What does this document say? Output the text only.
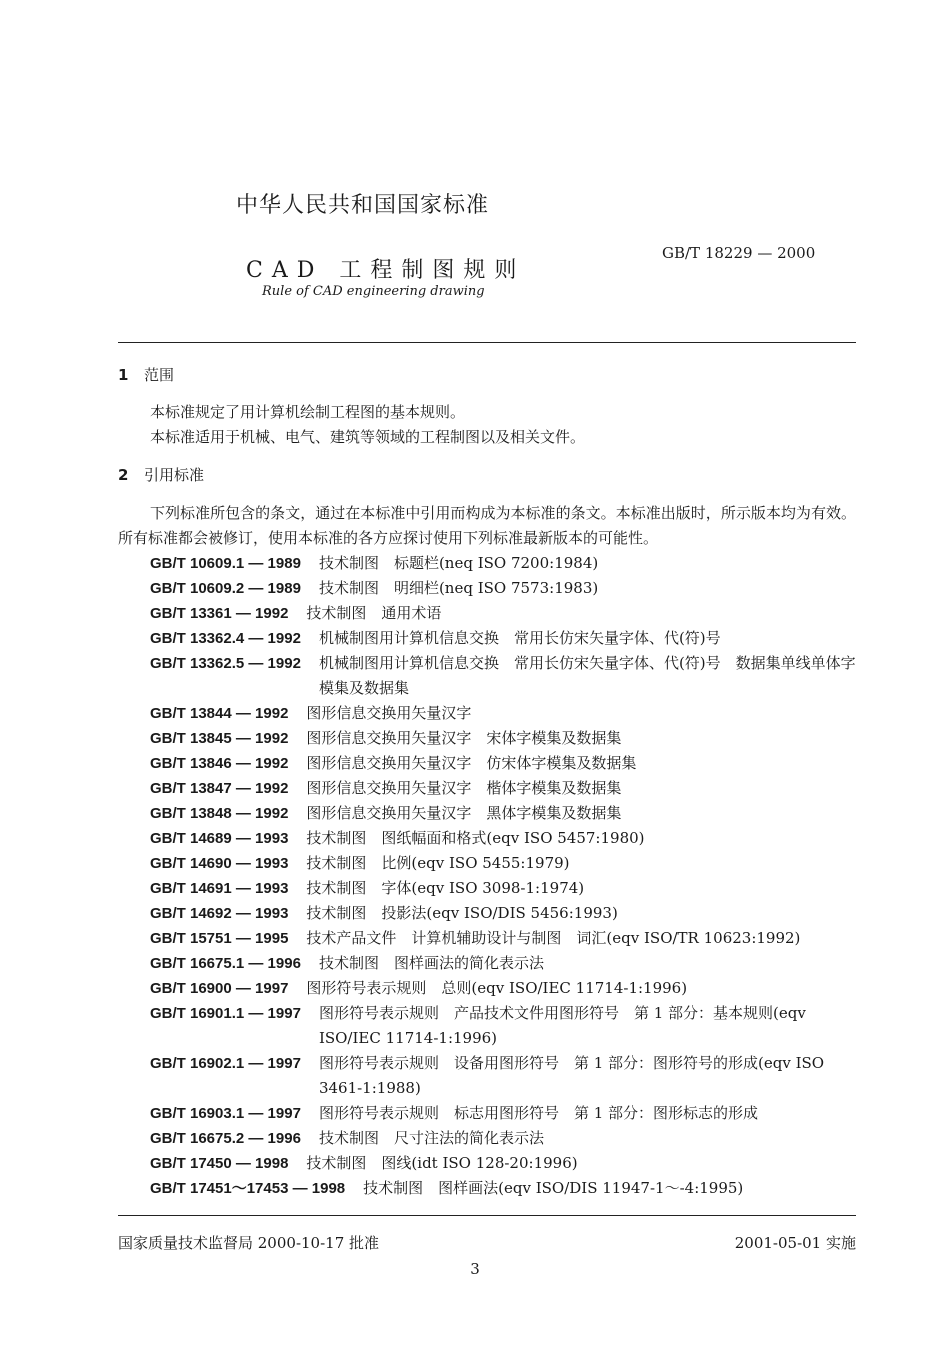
中华人民共和国国家标准
CAD 工程制图规则
Rule of CAD engineering drawing
GB/T 18229 — 2000
1 范围
本标准规定了用计算机绘制工程图的基本规则。
本标准适用于机械、电气、建筑等领域的工程制图以及相关文件。
2 引用标准
下列标准所包含的条文，通过在本标准中引用而构成为本标准的条文。本标准出版时，所示版本均为有效。所有标准都会被修订，使用本标准的各方应探讨使用下列标准最新版本的可能性。
GB/T 10609.1 — 1989	技术制图　标题栏(neq ISO 7200:1984)
GB/T 10609.2 — 1989	技术制图　明细栏(neq ISO 7573:1983)
GB/T 13361 — 1992	技术制图　通用术语
GB/T 13362.4 — 1992	机械制图用计算机信息交换　常用长仿宋矢量字体、代(符)号
GB/T 13362.5 — 1992	机械制图用计算机信息交换　常用长仿宋矢量字体、代(符)号　数据集单线单体字模集及数据集
GB/T 13844 — 1992	图形信息交换用矢量汉字
GB/T 13845 — 1992	图形信息交换用矢量汉字　宋体字模集及数据集
GB/T 13846 — 1992	图形信息交换用矢量汉字　仿宋体字模集及数据集
GB/T 13847 — 1992	图形信息交换用矢量汉字　楷体字模集及数据集
GB/T 13848 — 1992	图形信息交换用矢量汉字　黑体字模集及数据集
GB/T 14689 — 1993	技术制图　图纸幅面和格式(eqv ISO 5457:1980)
GB/T 14690 — 1993	技术制图　比例(eqv ISO 5455:1979)
GB/T 14691 — 1993	技术制图　字体(eqv ISO 3098-1:1974)
GB/T 14692 — 1993	技术制图　投影法(eqv ISO/DIS 5456:1993)
GB/T 15751 — 1995	技术产品文件　计算机辅助设计与制图　词汇(eqv ISO/TR 10623:1992)
GB/T 16675.1 — 1996	技术制图　图样画法的简化表示法
GB/T 16900 — 1997	图形符号表示规则　总则(eqv ISO/IEC 11714-1:1996)
GB/T 16901.1 — 1997	图形符号表示规则　产品技术文件用图形符号　第 1 部分：基本规则(eqv ISO/IEC 11714-1:1996)
GB/T 16902.1 — 1997	图形符号表示规则　设备用图形符号　第 1 部分：图形符号的形成(eqv ISO 3461-1:1988)
GB/T 16903.1 — 1997	图形符号表示规则　标志用图形符号　第 1 部分：图形标志的形成
GB/T 16675.2 — 1996	技术制图　尺寸注法的简化表示法
GB/T 17450 — 1998	技术制图　图线(idt ISO 128-20:1996)
GB/T 17451～17453 — 1998	技术制图　图样画法(eqv ISO/DIS 11947-1～-4:1995)
国家质量技术监督局 2000-10-17 批准	2001-05-01 实施
3
